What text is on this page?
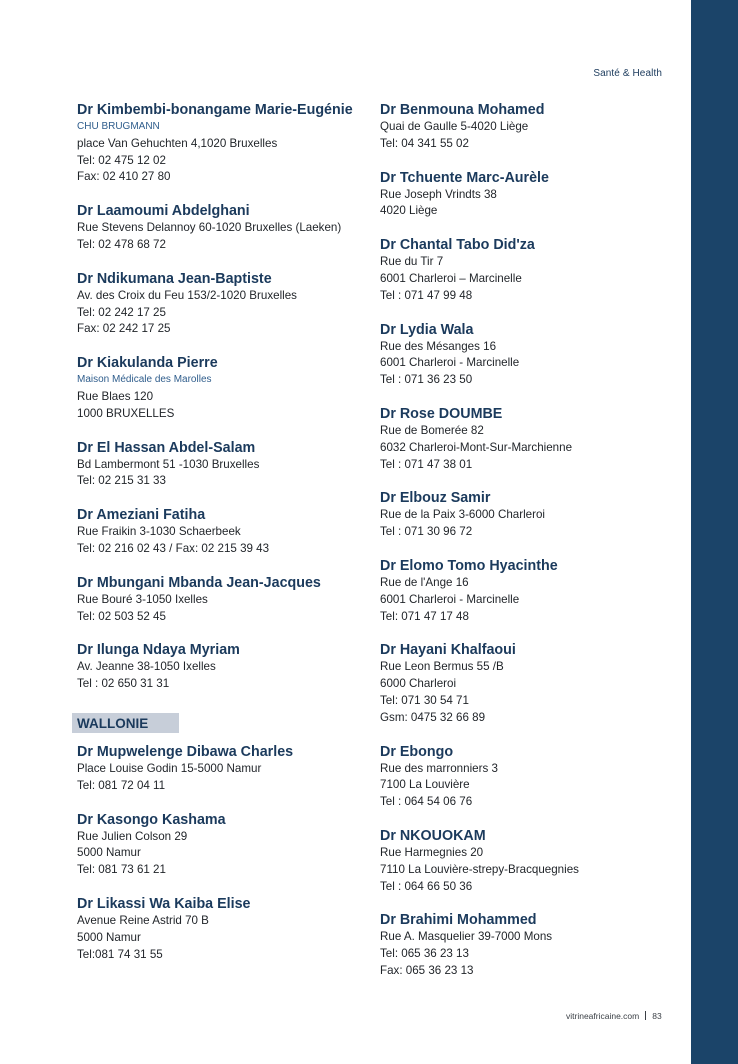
Santé & Health
Dr Kimbembi-bonangame Marie-Eugénie
CHU BRUGMANN
place Van Gehuchten 4,1020 Bruxelles
Tel: 02 475 12 02
Fax: 02 410 27 80
Dr Laamoumi Abdelghani
Rue Stevens Delannoy 60-1020 Bruxelles (Laeken)
Tel: 02 478 68 72
Dr Ndikumana Jean-Baptiste
Av. des Croix du Feu 153/2-1020 Bruxelles
Tel: 02 242 17 25
Fax: 02 242 17 25
Dr Kiakulanda Pierre
Maison Médicale des Marolles
Rue Blaes 120
1000 BRUXELLES
Dr El Hassan Abdel-Salam
Bd Lambermont 51 -1030 Bruxelles
Tel: 02 215 31 33
Dr Ameziani Fatiha
Rue Fraikin 3-1030 Schaerbeek
Tel: 02 216 02 43 / Fax: 02 215 39 43
Dr Mbungani Mbanda Jean-Jacques
Rue Bouré 3-1050 Ixelles
Tel: 02 503 52 45
Dr Ilunga Ndaya Myriam
Av. Jeanne 38-1050 Ixelles
Tel : 02 650 31 31
WALLONIE
Dr Mupwelenge Dibawa Charles
Place Louise Godin 15-5000 Namur
Tel: 081 72 04 11
Dr Kasongo Kashama
Rue Julien Colson 29
5000 Namur
Tel: 081 73 61 21
Dr Likassi Wa Kaiba Elise
Avenue Reine Astrid 70 B
5000 Namur
Tel:081 74 31 55
Dr Benmouna Mohamed
Quai de Gaulle 5-4020 Liège
Tel: 04 341 55 02
Dr Tchuente Marc-Aurèle
Rue Joseph Vrindts 38
4020 Liège
Dr Chantal Tabo Did'za
Rue du Tir 7
6001 Charleroi – Marcinelle
Tel : 071 47 99 48
Dr Lydia Wala
Rue des Mésanges 16
6001 Charleroi - Marcinelle
Tel : 071 36 23 50
Dr Rose DOUMBE
Rue de Bomerée 82
6032 Charleroi-Mont-Sur-Marchienne
Tel : 071 47 38 01
Dr Elbouz Samir
Rue de la Paix 3-6000 Charleroi
Tel : 071 30 96 72
Dr Elomo Tomo Hyacinthe
Rue de l'Ange 16
6001 Charleroi - Marcinelle
Tel: 071 47 17 48
Dr Hayani Khalfaoui
Rue Leon Bermus 55 /B
6000 Charleroi
Tel: 071 30 54 71
Gsm: 0475 32 66 89
Dr Ebongo
Rue des marronniers 3
7100 La Louvière
Tel : 064 54 06 76
Dr NKOUOKAM
Rue Harmegnies 20
7110 La Louvière-strepy-Bracquegnies
Tel : 064 66 50 36
Dr Brahimi Mohammed
Rue A. Masquelier 39-7000 Mons
Tel: 065 36 23 13
Fax: 065 36 23 13
vitrineafricaine.com 83
